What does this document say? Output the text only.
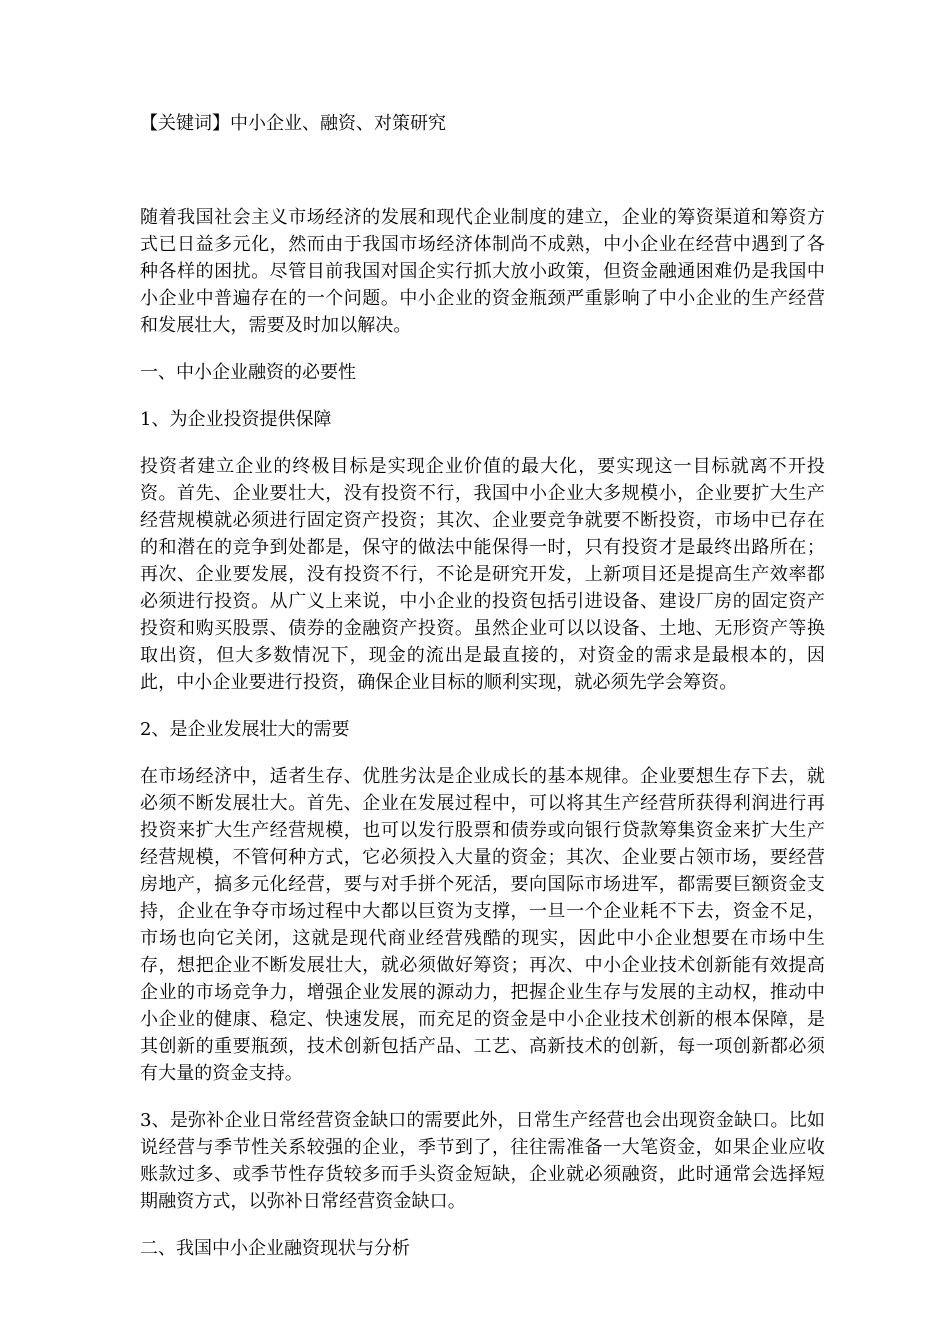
【关键词】中小企业、融资、对策研究

随着我国社会主义市场经济的发展和现代企业制度的建立，企业的筹资渠道和筹资方式已日益多元化，然而由于我国市场经济体制尚不成熟，中小企业在经营中遇到了各种各样的困扰。尽管目前我国对国企实行抓大放小政策，但资金融通困难仍是我国中小企业中普遍存在的一个问题。中小企业的资金瓶颈严重影响了中小企业的生产经营和发展壮大，需要及时加以解决。

一、中小企业融资的必要性

1、为企业投资提供保障

投资者建立企业的终极目标是实现企业价值的最大化，要实现这一目标就离不开投资。首先、企业要壮大，没有投资不行，我国中小企业大多规模小，企业要扩大生产经营规模就必须进行固定资产投资；其次、企业要竞争就要不断投资，市场中已存在的和潜在的竞争到处都是，保守的做法中能保得一时，只有投资才是最终出路所在；再次、企业要发展，没有投资不行，不论是研究开发，上新项目还是提高生产效率都必须进行投资。从广义上来说，中小企业的投资包括引进设备、建设厂房的固定资产投资和购买股票、债券的金融资产投资。虽然企业可以以设备、土地、无形资产等换取出资，但大多数情况下，现金的流出是最直接的，对资金的需求是最根本的，因此，中小企业要进行投资，确保企业目标的顺利实现，就必须先学会筹资。

2、是企业发展壮大的需要

在市场经济中，适者生存、优胜劣汰是企业成长的基本规律。企业要想生存下去，就必须不断发展壮大。首先、企业在发展过程中，可以将其生产经营所获得利润进行再投资来扩大生产经营规模，也可以发行股票和债券或向银行贷款筹集资金来扩大生产经营规模，不管何种方式，它必须投入大量的资金；其次、企业要占领市场，要经营房地产，搞多元化经营，要与对手拼个死活，要向国际市场进军，都需要巨额资金支持，企业在争夺市场过程中大都以巨资为支撑，一旦一个企业耗不下去，资金不足，市场也向它关闭，这就是现代商业经营残酷的现实，因此中小企业想要在市场中生存，想把企业不断发展壮大，就必须做好筹资；再次、中小企业技术创新能有效提高企业的市场竞争力，增强企业发展的源动力，把握企业生存与发展的主动权，推动中小企业的健康、稳定、快速发展，而充足的资金是中小企业技术创新的根本保障，是其创新的重要瓶颈，技术创新包括产品、工艺、高新技术的创新，每一项创新都必须有大量的资金支持。

3、是弥补企业日常经营资金缺口的需要此外，日常生产经营也会出现资金缺口。比如说经营与季节性关系较强的企业，季节到了，往往需准备一大笔资金，如果企业应收账款过多、或季节性存货较多而手头资金短缺，企业就必须融资，此时通常会选择短期融资方式，以弥补日常经营资金缺口。

二、我国中小企业融资现状与分析
